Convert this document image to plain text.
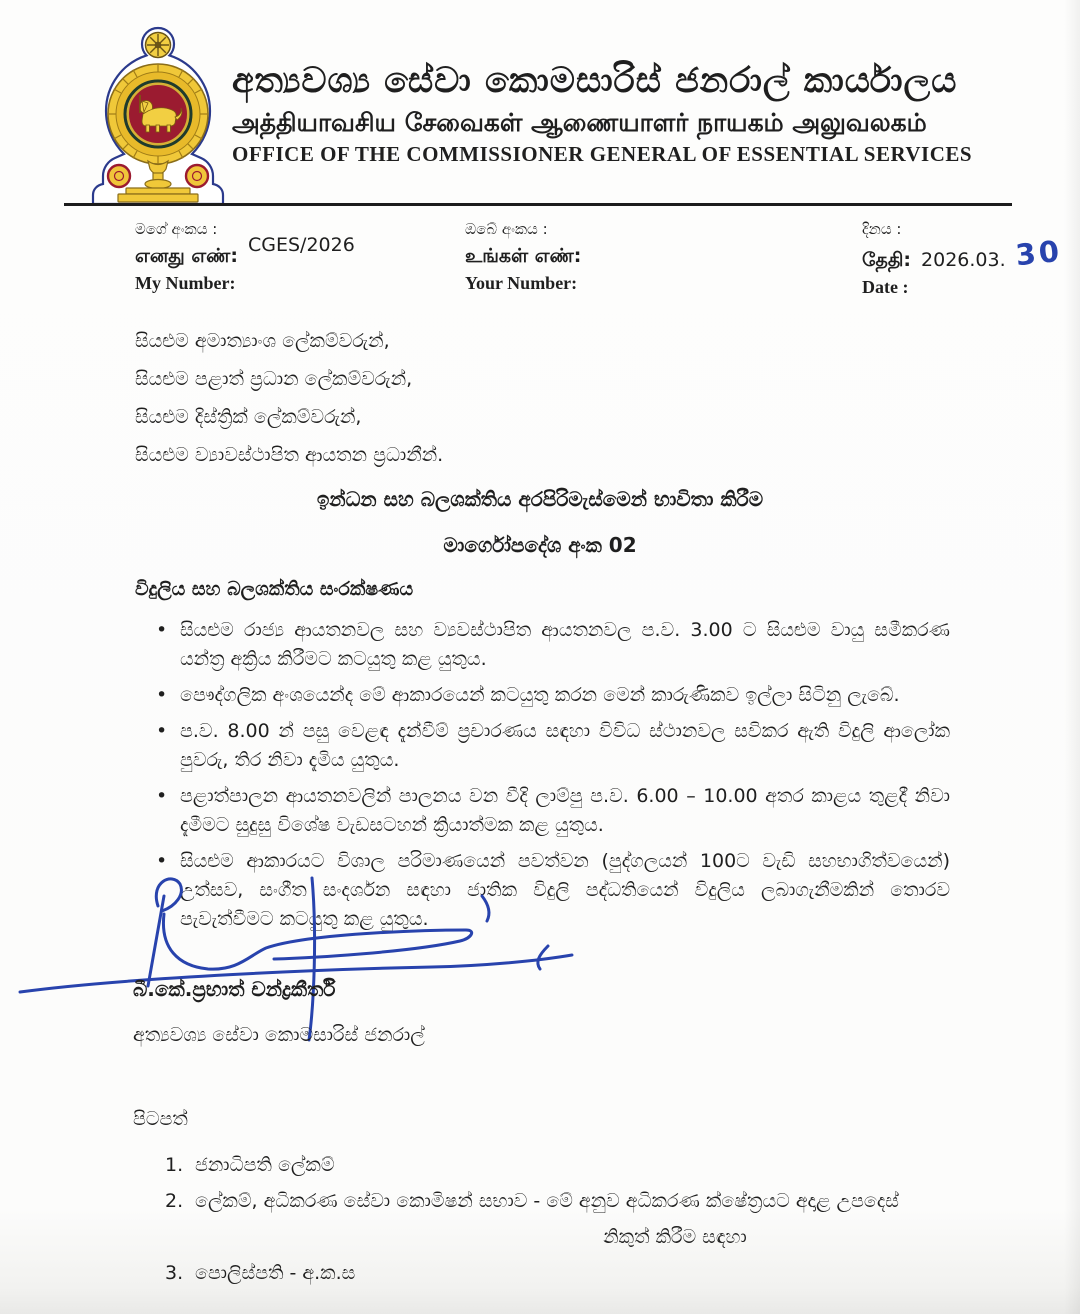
අත්‍යවශ්‍ය සේවා කොමසාරිස් ජනරාල් කාර්යාලය
அத்தியாவசிய சேவைகள் ஆணையாளர் நாயகம் அலுவலகம்
OFFICE OF THE COMMISSIONER GENERAL OF ESSENTIAL SERVICES
මගේ අංකය :
எனது எண்:
My Number:
CGES/2026
ඔබේ අංකය :
உங்கள் எண்:
Your Number:
දිනය :
தேதி: 2026.03. 30
Date :
සියළුම අමාත්‍යාංශ ලේකම්වරුන්,
සියළුම පළාත් ප්‍රධාන ලේකම්වරුන්,
සියළුම දිස්ත්‍රික් ලේකම්වරුන්,
සියළුම ව්‍යාවස්ථාපිත ආයතන ප්‍රධානීන්.
ඉන්ධන සහ බලශක්තිය අරපිරිමැස්මෙන් භාවිතා කිරීම
මාර්ගෝපදේශ අංක 02
විදුලිය සහ බලශක්තිය සංරක්ෂණය
• සියළුම රාජ්‍ය ආයතනවල සහ ව්‍යවස්ථාපිත ආයතනවල ප.ව. 3.00 ට සියළුම වායු සමීකරණ යන්ත්‍ර අක්‍රිය කිරීමට කටයුතු කළ යුතුය.
• පෞද්ගලික අංශයෙන්ද මේ ආකාරයෙන් කටයුතු කරන මෙන් කාරුණිකව ඉල්ලා සිටිනු ලැබේ.
• ප.ව. 8.00 න් පසු වෙළඳ දැන්වීම් ප්‍රචාරණය සඳහා විවිධ ස්ථානවල සවිකර ඇති විදුලි ආලෝක පුවරු, තිර නිවා දැමිය යුතුය.
• පළාත්පාලන ආයතනවලින් පාලනය වන වීදි ලාම්පු ප.ව. 6.00 – 10.00 අතර කාළය තුළදී නිවා දැමීමට සුදුසු විශේෂ වැඩසටහන් ක්‍රියාත්මක කළ යුතුය.
• සියළුම ආකාරයට විශාල පරිමාණයෙන් පවත්වන (පුද්ගලයන් 100ට වැඩි සහභාගිත්වයෙන්) උත්සව, සංගීත සංදර්ශන සඳහා ජාතික විදුලි පද්ධතියෙන් විදුලිය ලබාගැනීමකින් තොරව පැවැත්වීමට කටයුතු කළ යුතුය.
බී.කේ.ප්‍රභාත් චන්ද්‍රකීර්ති
අත්‍යවශ්‍ය සේවා කොමසාරිස් ජනරාල්
පිටපත්
1. ජනාධිපති ලේකම්
2. ලේකම්, අධිකරණ සේවා කොමිෂන් සභාව - මේ අනුව අධිකරණ ක්ෂේත්‍රයට අදාළ උපදෙස්
නිකුත් කිරීම සඳහා
3. පොලිස්පති - අ.ක.ස
